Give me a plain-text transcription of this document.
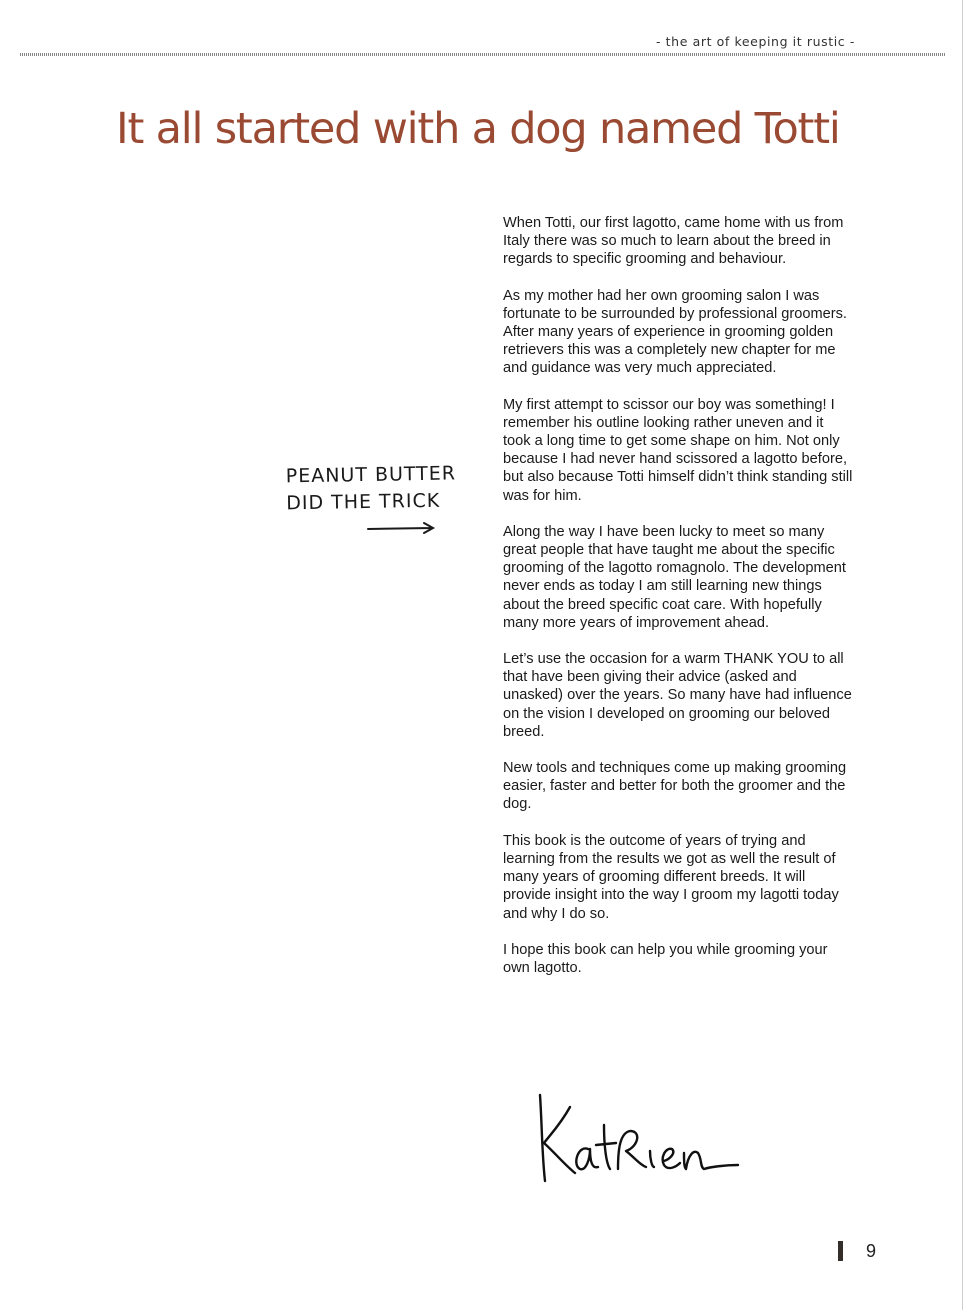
- the art of keeping it rustic -
It all started with a dog named Totti
PEANUT BUTTER
DID THE TRICK

When Totti, our first lagotto, came home with us from Italy there was so much to learn about the breed in regards to specific grooming and behaviour.

As my mother had her own grooming salon I was fortunate to be surrounded by professional groomers. After many years of experience in grooming golden retrievers this was a completely new chapter for me and guidance was very much appreciated.

My first attempt to scissor our boy was something! I remember his outline looking rather uneven and it took a long time to get some shape on him. Not only because I had never hand scissored a lagotto before, but also because Totti himself didn’t think standing still was for him.

Along the way I have been lucky to meet so many great people that have taught me about the specific grooming of the lagotto romagnolo. The development never ends as today I am still learning new things about the breed specific coat care. With hopefully many more years of improvement ahead.

Let’s use the occasion for a warm THANK YOU to all that have been giving their advice (asked and unasked) over the years. So many have had influence on the vision I developed on grooming our beloved breed.

New tools and techniques come up making grooming easier, faster and better for both the groomer and the dog.

This book is the outcome of years of trying and learning from the results we got as well the result of many years of grooming different breeds. It will provide insight into the way I groom my lagotti today and why I do so.

I hope this book can help you while grooming your own lagotto.

9
